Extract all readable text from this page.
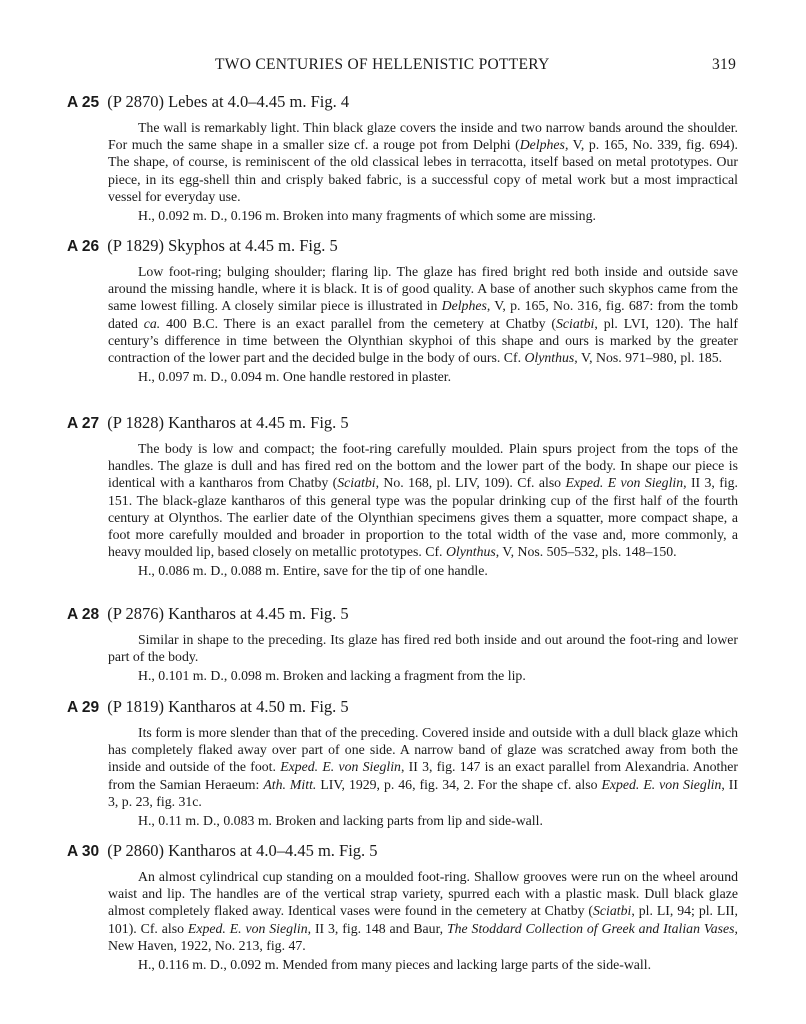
TWO CENTURIES OF HELLENISTIC POTTERY	319
A 25 (P 2870) Lebes at 4.0–4.45 m. Fig. 4

The wall is remarkably light. Thin black glaze covers the inside and two narrow bands around the shoulder. For much the same shape in a smaller size cf. a rouge pot from Delphi (Delphes, V, p. 165, No. 339, fig. 694). The shape, of course, is reminiscent of the old classical lebes in terracotta, itself based on metal prototypes. Our piece, in its egg-shell thin and crisply baked fabric, is a successful copy of metal work but a most impractical vessel for everyday use.

H., 0.092 m. D., 0.196 m. Broken into many fragments of which some are missing.

A 26 (P 1829) Skyphos at 4.45 m. Fig. 5

Low foot-ring; bulging shoulder; flaring lip. The glaze has fired bright red both inside and outside save around the missing handle, where it is black. It is of good quality. A base of another such skyphos came from the same lowest filling. A closely similar piece is illustrated in Delphes, V, p. 165, No. 316, fig. 687: from the tomb dated ca. 400 B.C. There is an exact parallel from the cemetery at Chatby (Sciatbi, pl. LVI, 120). The half century’s difference in time between the Olynthian skyphoi of this shape and ours is marked by the greater contraction of the lower part and the decided bulge in the body of ours. Cf. Olynthus, V, Nos. 971–980, pl. 185.

H., 0.097 m. D., 0.094 m. One handle restored in plaster.

A 27 (P 1828) Kantharos at 4.45 m. Fig. 5

The body is low and compact; the foot-ring carefully moulded. Plain spurs project from the tops of the handles. The glaze is dull and has fired red on the bottom and the lower part of the body. In shape our piece is identical with a kantharos from Chatby (Sciatbi, No. 168, pl. LIV, 109). Cf. also Exped. E von Sieglin, II 3, fig. 151. The black-glaze kantharos of this general type was the popular drinking cup of the first half of the fourth century at Olynthos. The earlier date of the Olynthian specimens gives them a squatter, more compact shape, a foot more carefully moulded and broader in proportion to the total width of the vase and, more commonly, a heavy moulded lip, based closely on metallic prototypes. Cf. Olynthus, V, Nos. 505–532, pls. 148–150.

H., 0.086 m. D., 0.088 m. Entire, save for the tip of one handle.

A 28 (P 2876) Kantharos at 4.45 m. Fig. 5

Similar in shape to the preceding. Its glaze has fired red both inside and out around the foot-ring and lower part of the body.

H., 0.101 m. D., 0.098 m. Broken and lacking a fragment from the lip.

A 29 (P 1819) Kantharos at 4.50 m. Fig. 5

Its form is more slender than that of the preceding. Covered inside and outside with a dull black glaze which has completely flaked away over part of one side. A narrow band of glaze was scratched away from both the inside and outside of the foot. Exped. E. von Sieglin, II 3, fig. 147 is an exact parallel from Alexandria. Another from the Samian Heraeum: Ath. Mitt. LIV, 1929, p. 46, fig. 34, 2. For the shape cf. also Exped. E. von Sieglin, II 3, p. 23, fig. 31c.

H., 0.11 m. D., 0.083 m. Broken and lacking parts from lip and side-wall.

A 30 (P 2860) Kantharos at 4.0–4.45 m. Fig. 5

An almost cylindrical cup standing on a moulded foot-ring. Shallow grooves were run on the wheel around waist and lip. The handles are of the vertical strap variety, spurred each with a plastic mask. Dull black glaze almost completely flaked away. Identical vases were found in the cemetery at Chatby (Sciatbi, pl. LI, 94; pl. LII, 101). Cf. also Exped. E. von Sieglin, II 3, fig. 148 and Baur, The Stoddard Collection of Greek and Italian Vases, New Haven, 1922, No. 213, fig. 47.

H., 0.116 m. D., 0.092 m. Mended from many pieces and lacking large parts of the side-wall.
